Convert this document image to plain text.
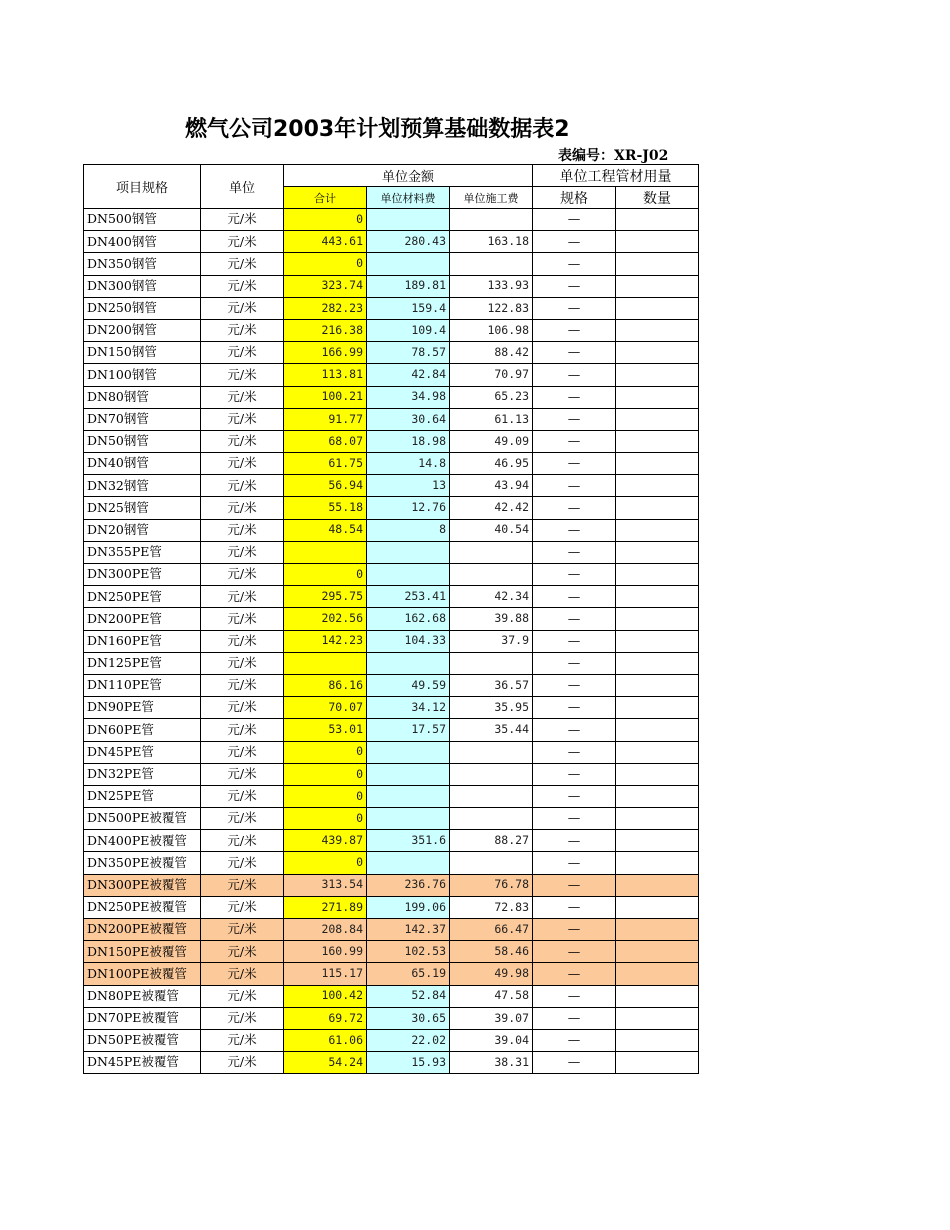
燃气公司2003年计划预算基础数据表2
表编号：XR-J02
项目规格	单位	单位金额			单位工程管材用量	
		合计	单位材料费	单位施工费	规格	数量
DN500钢管	元/米	0			—	
DN400钢管	元/米	443.61	280.43	163.18	—	
DN350钢管	元/米	0			—	
DN300钢管	元/米	323.74	189.81	133.93	—	
DN250钢管	元/米	282.23	159.4	122.83	—	
DN200钢管	元/米	216.38	109.4	106.98	—	
DN150钢管	元/米	166.99	78.57	88.42	—	
DN100钢管	元/米	113.81	42.84	70.97	—	
DN80钢管	元/米	100.21	34.98	65.23	—	
DN70钢管	元/米	91.77	30.64	61.13	—	
DN50钢管	元/米	68.07	18.98	49.09	—	
DN40钢管	元/米	61.75	14.8	46.95	—	
DN32钢管	元/米	56.94	13	43.94	—	
DN25钢管	元/米	55.18	12.76	42.42	—	
DN20钢管	元/米	48.54	8	40.54	—	
DN355PE管	元/米				—	
DN300PE管	元/米	0			—	
DN250PE管	元/米	295.75	253.41	42.34	—	
DN200PE管	元/米	202.56	162.68	39.88	—	
DN160PE管	元/米	142.23	104.33	37.9	—	
DN125PE管	元/米				—	
DN110PE管	元/米	86.16	49.59	36.57	—	
DN90PE管	元/米	70.07	34.12	35.95	—	
DN60PE管	元/米	53.01	17.57	35.44	—	
DN45PE管	元/米	0			—	
DN32PE管	元/米	0			—	
DN25PE管	元/米	0			—	
DN500PE被覆管	元/米	0			—	
DN400PE被覆管	元/米	439.87	351.6	88.27	—	
DN350PE被覆管	元/米	0			—	
DN300PE被覆管	元/米	313.54	236.76	76.78	—	
DN250PE被覆管	元/米	271.89	199.06	72.83	—	
DN200PE被覆管	元/米	208.84	142.37	66.47	—	
DN150PE被覆管	元/米	160.99	102.53	58.46	—	
DN100PE被覆管	元/米	115.17	65.19	49.98	—	
DN80PE被覆管	元/米	100.42	52.84	47.58	—	
DN70PE被覆管	元/米	69.72	30.65	39.07	—	
DN50PE被覆管	元/米	61.06	22.02	39.04	—	
DN45PE被覆管	元/米	54.24	15.93	38.31	—	
